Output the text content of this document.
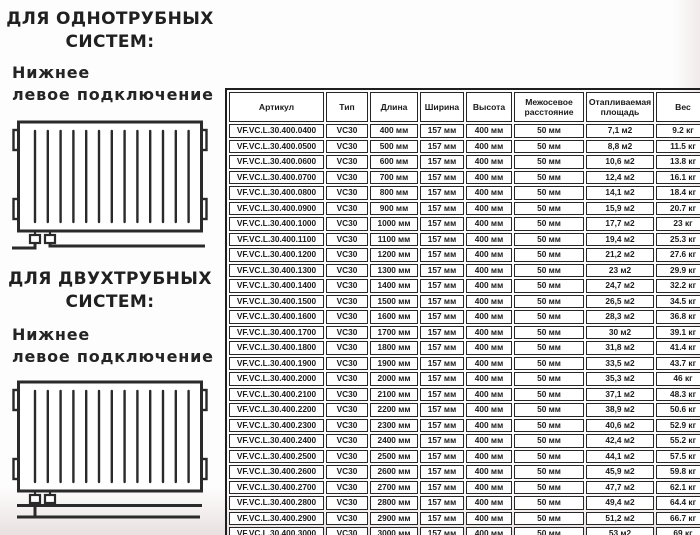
ДЛЯ ОДНОТРУБНЫХ
СИСТЕМ:

Нижнее
левое подключение

ДЛЯ ДВУХТРУБНЫХ
СИСТЕМ:

Нижнее
левое подключение

Артикул	Тип	Длина	Ширина	Высота	Межосевое расстояние	Отапливаемая площадь	Вес
VF.VC.L.30.400.0400	VC30	400 мм	157 мм	400 мм	50 мм	7,1 м2	9.2 кг
VF.VC.L.30.400.0500	VC30	500 мм	157 мм	400 мм	50 мм	8,8 м2	11.5 кг
VF.VC.L.30.400.0600	VC30	600 мм	157 мм	400 мм	50 мм	10,6 м2	13.8 кг
VF.VC.L.30.400.0700	VC30	700 мм	157 мм	400 мм	50 мм	12,4 м2	16.1 кг
VF.VC.L.30.400.0800	VC30	800 мм	157 мм	400 мм	50 мм	14,1 м2	18.4 кг
VF.VC.L.30.400.0900	VC30	900 мм	157 мм	400 мм	50 мм	15,9 м2	20.7 кг
VF.VC.L.30.400.1000	VC30	1000 мм	157 мм	400 мм	50 мм	17,7 м2	23 кг
VF.VC.L.30.400.1100	VC30	1100 мм	157 мм	400 мм	50 мм	19,4 м2	25.3 кг
VF.VC.L.30.400.1200	VC30	1200 мм	157 мм	400 мм	50 мм	21,2 м2	27.6 кг
VF.VC.L.30.400.1300	VC30	1300 мм	157 мм	400 мм	50 мм	23 м2	29.9 кг
VF.VC.L.30.400.1400	VC30	1400 мм	157 мм	400 мм	50 мм	24,7 м2	32.2 кг
VF.VC.L.30.400.1500	VC30	1500 мм	157 мм	400 мм	50 мм	26,5 м2	34.5 кг
VF.VC.L.30.400.1600	VC30	1600 мм	157 мм	400 мм	50 мм	28,3 м2	36.8 кг
VF.VC.L.30.400.1700	VC30	1700 мм	157 мм	400 мм	50 мм	30 м2	39.1 кг
VF.VC.L.30.400.1800	VC30	1800 мм	157 мм	400 мм	50 мм	31,8 м2	41.4 кг
VF.VC.L.30.400.1900	VC30	1900 мм	157 мм	400 мм	50 мм	33,5 м2	43.7 кг
VF.VC.L.30.400.2000	VC30	2000 мм	157 мм	400 мм	50 мм	35,3 м2	46 кг
VF.VC.L.30.400.2100	VC30	2100 мм	157 мм	400 мм	50 мм	37,1 м2	48.3 кг
VF.VC.L.30.400.2200	VC30	2200 мм	157 мм	400 мм	50 мм	38,9 м2	50.6 кг
VF.VC.L.30.400.2300	VC30	2300 мм	157 мм	400 мм	50 мм	40,6 м2	52.9 кг
VF.VC.L.30.400.2400	VC30	2400 мм	157 мм	400 мм	50 мм	42,4 м2	55.2 кг
VF.VC.L.30.400.2500	VC30	2500 мм	157 мм	400 мм	50 мм	44,1 м2	57.5 кг
VF.VC.L.30.400.2600	VC30	2600 мм	157 мм	400 мм	50 мм	45,9 м2	59.8 кг
VF.VC.L.30.400.2700	VC30	2700 мм	157 мм	400 мм	50 мм	47,7 м2	62.1 кг
VF.VC.L.30.400.2800	VC30	2800 мм	157 мм	400 мм	50 мм	49,4 м2	64.4 кг
VF.VC.L.30.400.2900	VC30	2900 мм	157 мм	400 мм	50 мм	51,2 м2	66.7 кг
VF.VC.L.30.400.3000	VC30	3000 мм	157 мм	400 мм	50 мм	53 м2	69 кг
